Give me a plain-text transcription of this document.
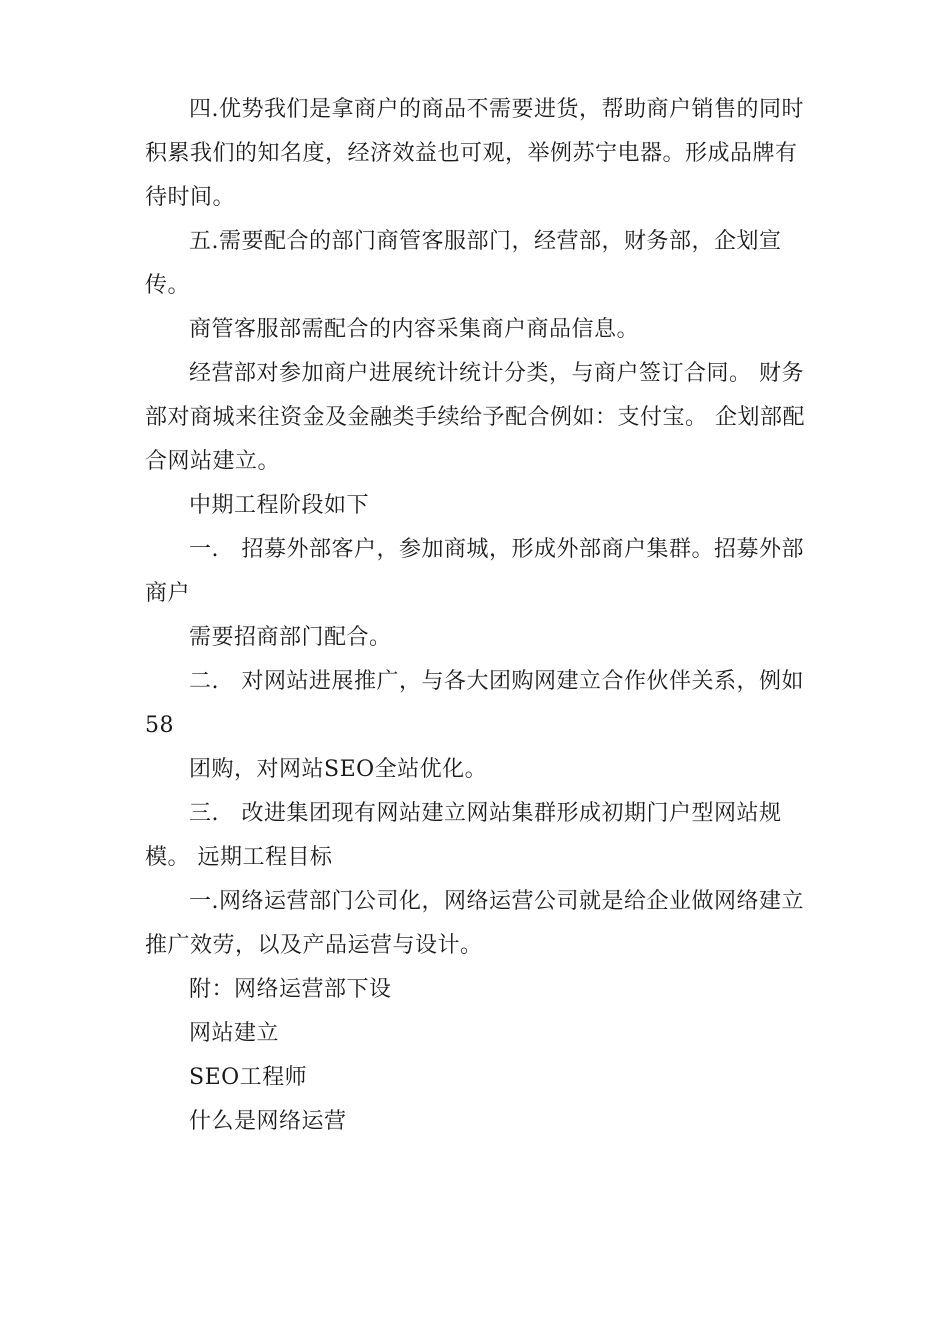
四.优势我们是拿商户的商品不需要进货，帮助商户销售的同时积累我们的知名度，经济效益也可观，举例苏宁电器。形成品牌有待时间。

五.需要配合的部门商管客服部门，经营部，财务部，企划宣传。

商管客服部需配合的内容采集商户商品信息。

经营部对参加商户进展统计统计分类，与商户签订合同。 财务部对商城来往资金及金融类手续给予配合例如：支付宝。 企划部配合网站建立。

中期工程阶段如下

一.　招募外部客户，参加商城，形成外部商户集群。招募外部商户

需要招商部门配合。

二.　对网站进展推广，与各大团购网建立合作伙伴关系，例如58

团购，对网站SEO全站优化。

三.　改进集团现有网站建立网站集群形成初期门户型网站规模。 远期工程目标

一.网络运营部门公司化，网络运营公司就是给企业做网络建立推广效劳，以及产品运营与设计。

附：网络运营部下设

网站建立

SEO工程师

什么是网络运营
